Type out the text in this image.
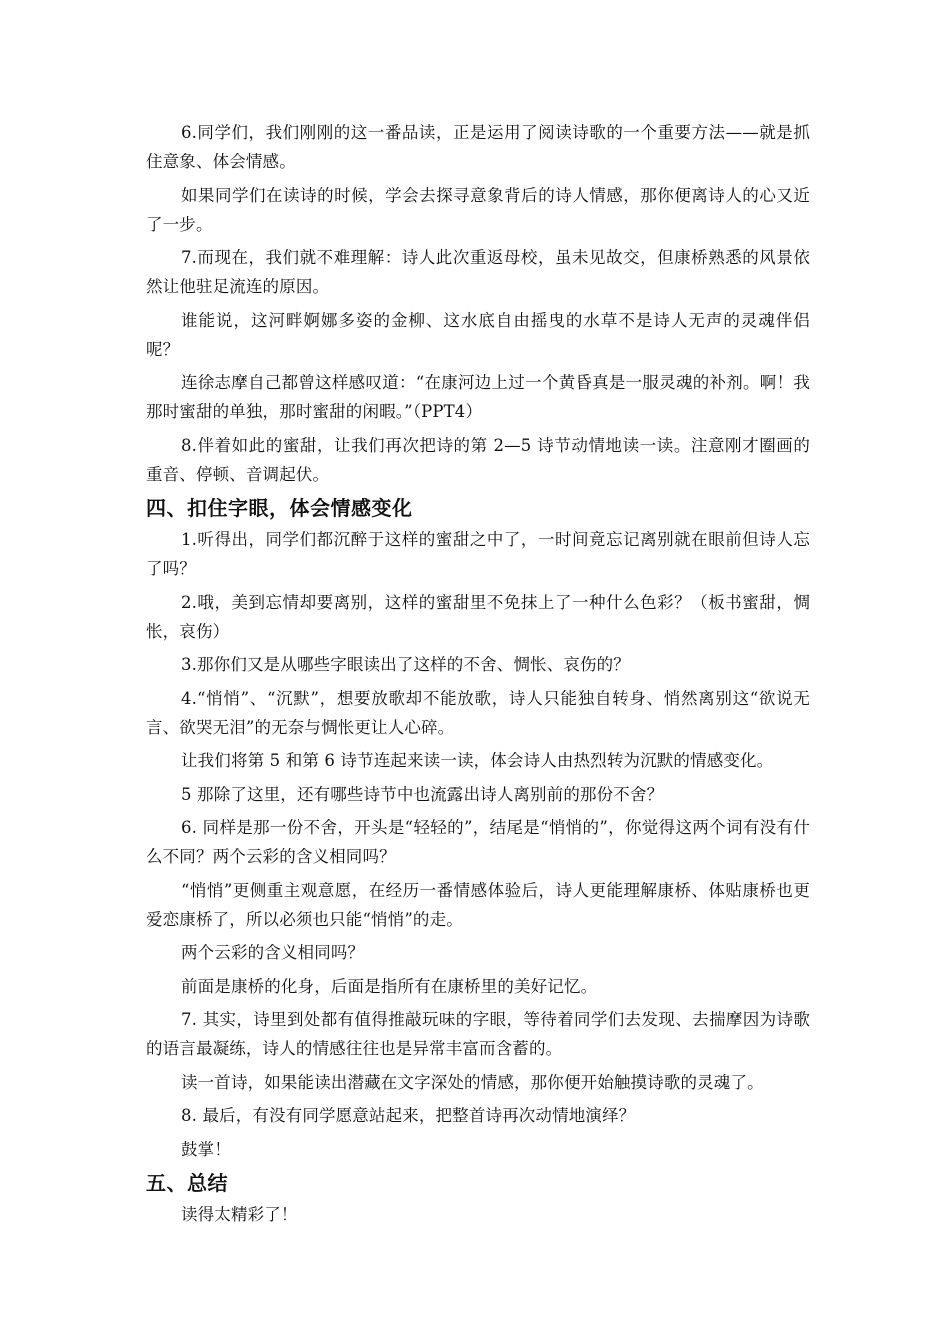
6.同学们，我们刚刚的这一番品读，正是运用了阅读诗歌的一个重要方法——就是抓住意象、体会情感。

如果同学们在读诗的时候，学会去探寻意象背后的诗人情感，那你便离诗人的心又近了一步。

7.而现在，我们就不难理解：诗人此次重返母校，虽未见故交，但康桥熟悉的风景依然让他驻足流连的原因。

谁能说，这河畔婀娜多姿的金柳、这水底自由摇曳的水草不是诗人无声的灵魂伴侣呢？

连徐志摩自己都曾这样感叹道：“在康河边上过一个黄昏真是一服灵魂的补剂。啊！我那时蜜甜的单独，那时蜜甜的闲暇。”（PPT4）

8.伴着如此的蜜甜，让我们再次把诗的第 2—5 诗节动情地读一读。注意刚才圈画的重音、停顿、音调起伏。

四、扣住字眼，体会情感变化

1.听得出，同学们都沉醉于这样的蜜甜之中了，一时间竟忘记离别就在眼前但诗人忘了吗？

2.哦，美到忘情却要离别，这样的蜜甜里不免抹上了一种什么色彩？（板书蜜甜，惆怅，哀伤）

3.那你们又是从哪些字眼读出了这样的不舍、惆怅、哀伤的？

4.“悄悄”、“沉默”，想要放歌却不能放歌，诗人只能独自转身、悄然离别这“欲说无言、欲哭无泪”的无奈与惆怅更让人心碎。

让我们将第 5 和第 6 诗节连起来读一读，体会诗人由热烈转为沉默的情感变化。

5 那除了这里，还有哪些诗节中也流露出诗人离别前的那份不舍？

6. 同样是那一份不舍，开头是“轻轻的”，结尾是“悄悄的”，你觉得这两个词有没有什么不同？两个云彩的含义相同吗？

“悄悄”更侧重主观意愿，在经历一番情感体验后，诗人更能理解康桥、体贴康桥也更爱恋康桥了，所以必须也只能“悄悄”的走。

两个云彩的含义相同吗？

前面是康桥的化身，后面是指所有在康桥里的美好记忆。

7. 其实，诗里到处都有值得推敲玩味的字眼，等待着同学们去发现、去揣摩因为诗歌的语言最凝练，诗人的情感往往也是异常丰富而含蓄的。

读一首诗，如果能读出潜藏在文字深处的情感，那你便开始触摸诗歌的灵魂了。

8. 最后，有没有同学愿意站起来，把整首诗再次动情地演绎？

鼓掌！

五、总结

读得太精彩了！
